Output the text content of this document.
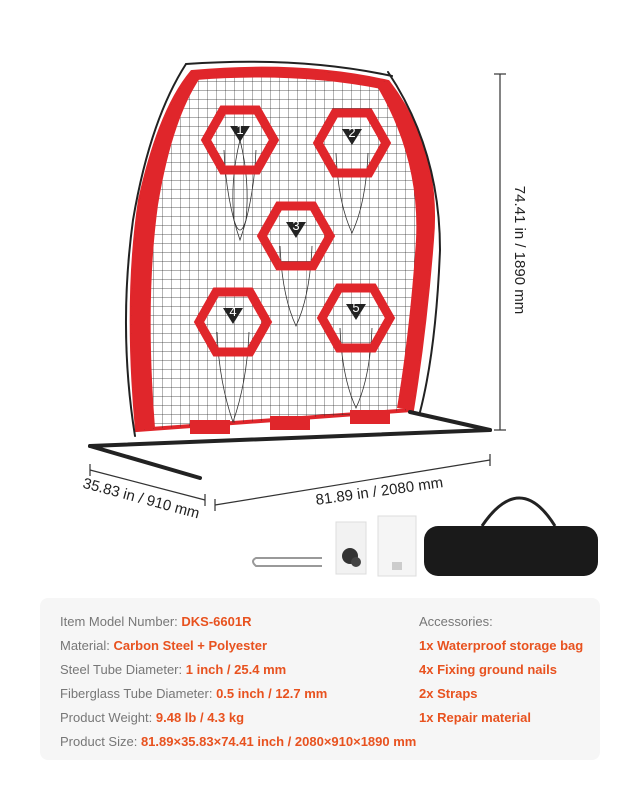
1	2
3
4	5	74.41 in / 1890 mm
35.83 in / 910 mm	81.89 in / 2080 mm
Item Model Number: DKS-6601R
Material: Carbon Steel + Polyester
Steel Tube Diameter: 1 inch / 25.4 mm
Fiberglass Tube Diameter: 0.5 inch / 12.7 mm
Product Weight: 9.48 lb / 4.3 kg
Product Size: 81.89×35.83×74.41 inch / 2080×910×1890 mm
Accessories:
1x Waterproof storage bag
4x Fixing ground nails
2x Straps
1x Repair material
